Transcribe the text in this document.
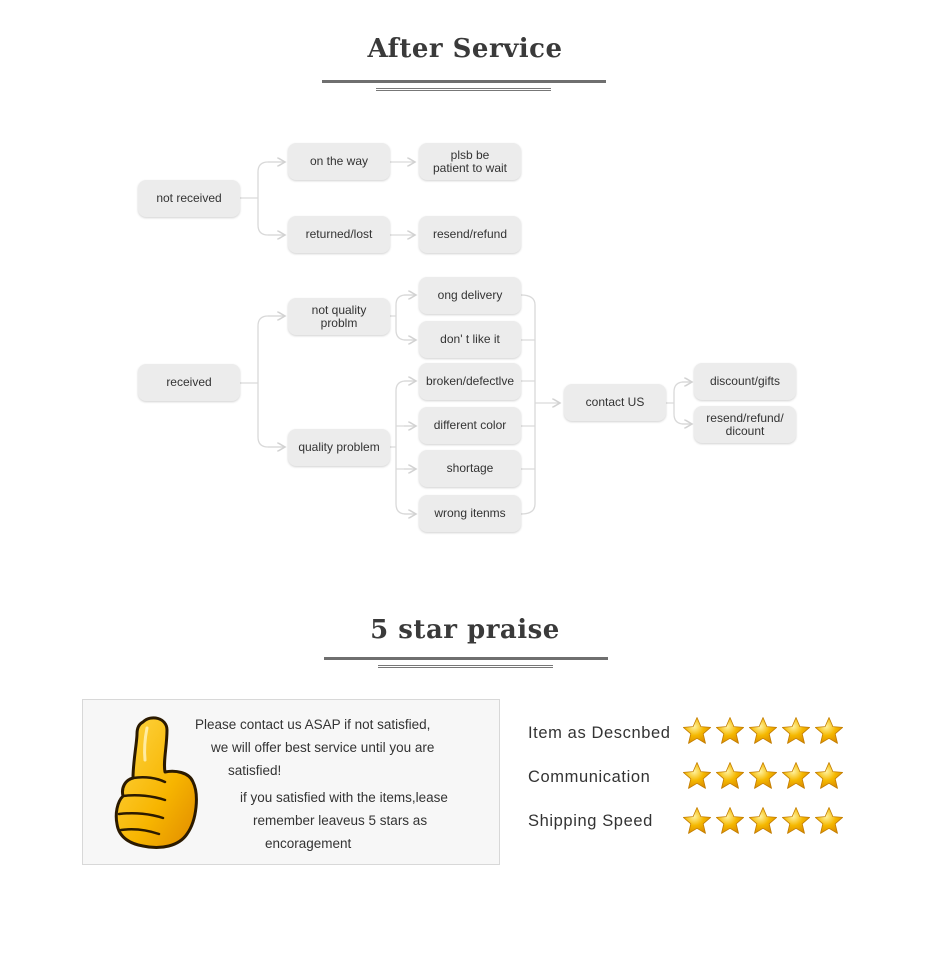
After Service
not received
on the way	plsb be
patient to wait
returned/lost	resend/refund
received
not quality
problm
quality problem
ong delivery
don' t like it
broken/defectlve
different color
shortage
wrong itenms
contact US
discount/gifts
resend/refund/
dicount
5 star praise
Please contact us ASAP if not satisfied,
we will offer best service until you are
satisfied!
if you satisfied with the items,lease
remember leaveus 5 stars as
encoragement
Item as Descnbed
Communication
Shipping Speed
